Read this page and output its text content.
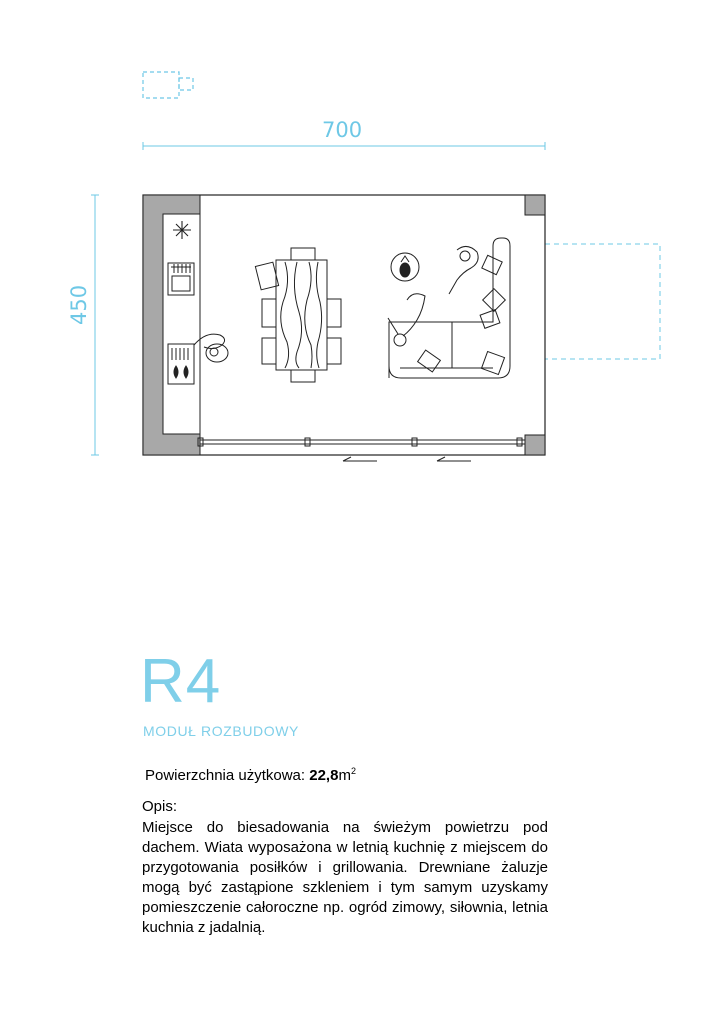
700
450
R4
MODUŁ ROZBUDOWY
Powierzchnia użytkowa: $22,8m^2$
Opis:
Miejsce do biesadowania na świeżym powietrzu pod dachem. Wiata wyposażona w letnią kuchnię z miejscem do przygotowania posiłków i grillowania. Drewniane żaluzje mogą być zastąpione szkleniem i tym samym uzyskamy pomieszczenie całoroczne np. ogród zimowy, siłownia, letnia kuchnia z jadalnią.
